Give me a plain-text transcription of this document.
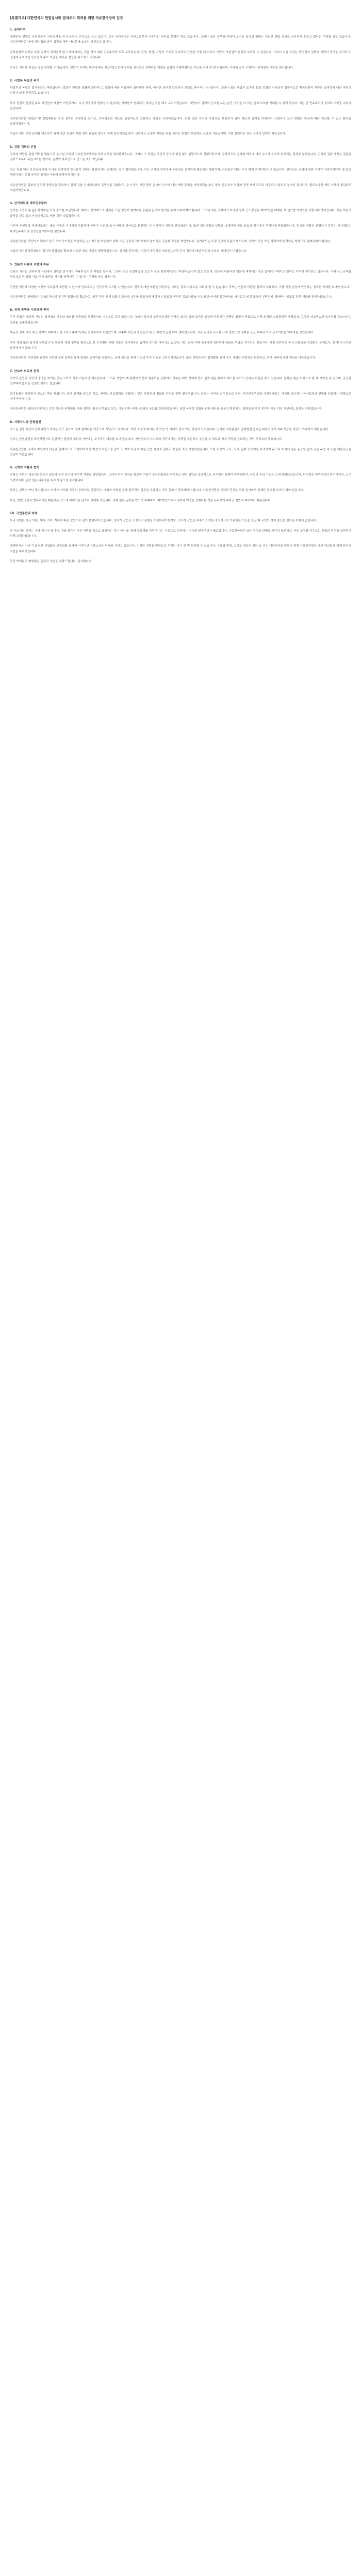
[특별기고] 대한민국의 헌법질서와 법치주의 회복을 위한 자유한국당의 입장
1. 들어가며

대한민국 헌법은 자유민주적 기본질서를 국가 운영의 근간으로 삼고 있으며, 모든 국가권력은 국민으로부터 나온다는 원칙을 분명히 하고 있습니다. 그러나 최근 정부와 여당이 보여준 일련의 행태는 이러한 헌법 정신을 근본부터 흔들고 있다는 우려를 낳고 있습니다. 자유한국당은 이에 대한 당의 공식 입장을 국민 여러분께 소상히 밝히고자 합니다.

권력분립의 원칙은 특정 권력이 견제받지 않고 비대해지는 것을 막기 위한 민주주의의 최후 보루입니다. 입법, 행정, 사법이 서로를 감시하고 균형을 이룰 때 비로소 국민의 기본권이 온전히 보장될 수 있습니다. 그러나 지금 우리는 행정권이 입법과 사법의 영역을 잠식하고, 정권에 우호적인 인사들로 주요 기관을 채우는 현상을 목도하고 있습니다.

우리는 이러한 현실을 결코 외면할 수 없습니다. 헌법이 부여한 책무에 따라 제1야당으로서 정부를 감시하고 견제하는 역할을 충실히 수행하겠다는 각오를 다시 한 번 다짐하며, 아래와 같이 구체적인 문제점과 대안을 제시합니다.

2. 사법부 독립의 위기

사법부의 독립은 법치주의의 핵심입니다. 법관은 헌법과 법률에 의하여 그 양심에 따라 독립하여 심판해야 하며, 어떠한 외부의 압력이나 간섭도 받아서는 안 됩니다. 그러나 최근 사법부 요직에 특정 성향의 인사들이 집중적으로 배치되면서 재판의 공정성에 대한 국민의 신뢰가 크게 흔들리고 있습니다.

특히 정권과 관련된 주요 사건들의 재판이 지연되거나, 수사 과정에서 편파성이 의심되는 사례들이 반복되고 있다는 점은 매우 우려스럽습니다. 사법부가 권력의 눈치를 보는 순간, 국민은 더 이상 법의 보호를 기대할 수 없게 됩니다. 이는 곧 민주주의의 붕괴로 이어질 수밖에 없습니다.

자유한국당은 대법관 및 헌법재판관 임명 절차의 투명성을 높이고, 인사청문회 제도를 실질적으로 강화하는 방안을 추진하겠습니다. 또한 법관 인사의 독립성을 보장하기 위한 제도적 장치를 마련하여 사법부가 오직 헌법과 양심에 따라 판단할 수 있는 환경을 조성하겠습니다.

아울러 재판 지연 문제를 해소하기 위해 법관 증원과 재판 절차 효율화 방안도 함께 검토하겠습니다. 신속하고 공정한 재판을 받을 권리는 헌법이 보장하는 국민의 기본권이며, 이를 실현하는 것은 국가의 당연한 책무입니다.

3. 검찰 개혁의 본질

정부와 여당은 검찰 개혁을 명분으로 수사권 조정과 고위공직자범죄수사처 설치를 밀어붙였습니다. 그러나 그 과정은 국민적 공감대 형성 없이 일방적으로 진행되었으며, 결과적으로 권력형 비리에 대한 수사가 오히려 위축되는 결과를 낳았습니다. 진정한 검찰 개혁은 검찰을 권력으로부터 독립시키는 것이지, 권력의 하수인으로 만드는 것이 아닙니다.

최근 정권 핵심 인사들에 대한 수사를 담당하던 검사들이 잇따라 좌천되거나 교체되는 일이 벌어졌습니다. 이는 수사의 연속성과 독립성을 심각하게 훼손하는 행위이며, 국민들은 이를 '수사 방해'로 받아들이고 있습니다. 살아있는 권력에 대한 수사가 가로막힌다면 법 앞의 평등이라는 헌법 원칙은 공허한 구호에 불과하게 됩니다.

자유한국당은 검찰의 정치적 중립성을 담보하기 위해 검찰 인사위원회의 독립성을 강화하고, 수사 중인 사건 담당 검사의 인사에 대한 제한 규정을 마련하겠습니다. 또한 공수처가 정권의 정적 제거 도구로 악용되지 않도록 철저히 감시하고, 필요하다면 제도 자체의 재검토도 추진하겠습니다.

4. 선거제도와 대의민주주의

선거는 국민이 주권을 행사하는 가장 중요한 수단입니다. 따라서 선거제도의 변경은 모든 정당이 참여하는 충분한 논의와 합의를 통해 이루어져야 합니다. 그러나 지난 국회에서 여당과 일부 군소정당은 제1야당을 배제한 채 선거법 개정안을 강행 처리하였습니다. 이는 게임의 규칙을 선수 일부가 일방적으로 바꾼 것과 다름없습니다.

이른바 준연동형 비례대표제는 제도 자체가 지나치게 복잡하여 국민이 자신의 표가 어떻게 의석으로 환산되는지 이해하기 어렵게 만들었습니다. 또한 위성정당의 난립을 초래하며 제도 도입의 취지마저 무색하게 만들었습니다. 민의를 정확히 반영하지 못하는 선거제도는 대의민주주의의 정당성을 약화시킬 뿐입니다.

자유한국당은 국민이 이해하기 쉽고 표의 등가성을 보장하는 선거제도를 마련하기 위해 모든 정당과 시민사회가 참여하는 공론화 과정을 제안합니다. 선거제도는 특정 정당의 유불리가 아니라 국민의 뜻을 가장 정확하게 반영하는 방향으로 설계되어야 합니다.

아울러 선거관리위원회의 정치적 중립성을 확보하기 위한 제도 개선도 병행하겠습니다. 선거를 관리하는 기관이 공정성을 의심받는다면 선거 결과에 대한 국민의 승복도 기대하기 어렵습니다.

5. 언론의 자유와 표현의 자유

언론의 자유는 민주주의 사회에서 권력을 감시하는 '제4부'로서의 역할을 합니다. 그러나 최근 공영방송의 보도가 정권 편향적이라는 비판이 끊이지 않고 있으며, 정부에 비판적인 언론에 대해서는 각종 압박이 가해지고 있다는 지적이 제기되고 있습니다. 가짜뉴스 규제를 명분으로 한 입법 시도 역시 표현의 자유를 위축시킬 수 있다는 우려를 낳고 있습니다.

건전한 비판과 다양한 의견이 자유롭게 개진될 수 있어야 민주주의는 건강하게 유지될 수 있습니다. 권력에 대한 비판을 억압하는 사회는 결코 자유로운 사회라 할 수 없습니다. 정부는 언론의 비판을 겸허히 수용하고, 이를 국정 운영에 반영하는 성숙한 자세를 보여야 합니다.

자유한국당은 공영방송 이사회 구성의 정치적 중립성을 확보하고, 언론 관련 규제 입법이 표현의 자유를 과도하게 제한하지 않도록 엄격히 검토하겠습니다. 또한 인터넷 공간에서의 자유로운 의견 표명이 부당하게 제약받지 않도록 관련 제도를 정비하겠습니다.

6. 경제 정책과 시장경제 원칙

우리 헌법은 개인과 기업의 경제상의 자유와 창의를 존중함을 경제질서의 기본으로 하고 있습니다. 그러나 정부의 소득주도성장 정책은 최저임금의 급격한 인상과 근로시간 단축의 일률적 적용으로 인해 오히려 소상공인과 자영업자, 그리고 저소득층의 일자리를 감소시키는 결과를 초래하였습니다.

부동산 정책 역시 수십 차례의 대책에도 불구하고 주택 가격은 천정부지로 치솟았으며, 무주택 서민과 청년들의 내 집 마련의 꿈은 더욱 멀어졌습니다. 시장 원리를 무시한 규제 일변도의 정책은 공급 부족과 가격 상승이라는 역효과를 낳았습니다.

국가 재정 또한 심각한 상황입니다. 확장적 재정 정책을 명분으로 한 무분별한 재정 지출은 국가채무의 급격한 증가로 이어지고 있으며, 이는 결국 미래 세대에게 감당하기 어려운 부담을 전가하는 것입니다. 재정 건전성은 국가 신용도와 직결되는 문제로서, 한 번 무너지면 회복하기 어렵습니다.

자유한국당은 시장경제 원칙에 기반한 성장 정책을 통해 양질의 일자리를 창출하고, 규제 혁신을 통해 기업의 투자 의욕을 고취시키겠습니다. 또한 재정준칙의 법제화를 통해 국가 재정의 건전성을 확보하고, 미래 세대에 대한 책임을 다하겠습니다.

7. 안보와 외교의 원칙

국가의 존립과 국민의 생명을 지키는 것은 국가의 가장 기본적인 책무입니다. 그러나 북한의 핵 위협이 여전히 현존하는 상황에서 정부는 대북 정책에 있어 원칙 없는 유화적 태도를 보이고 있다는 비판을 받고 있습니다. 평화는 힘을 바탕으로 할 때 지켜질 수 있으며, 굳건한 안보태세 없이는 진정한 평화도 없습니다.

한미동맹은 대한민국 안보의 핵심 축입니다. 동맹 관계를 공고히 하고, 한미일 안보협력을 강화하는 것은 한반도의 평화와 안정을 위해 필수적입니다. 외교는 국익을 최우선으로 하되, 자유민주주의와 시장경제라는 가치를 공유하는 국가들과의 연대를 강화하는 방향으로 나아가야 합니다.

자유한국당은 북한의 완전하고 검증 가능한 비핵화를 대북 정책의 최우선 목표로 삼고, 이를 위한 국제사회와의 공조를 강화하겠습니다. 또한 국방력 강화를 위한 예산을 충분히 확보하고, 장병들의 사기 진작과 복무 여건 개선에도 최선을 다하겠습니다.

8. 지방자치와 균형발전

수도권 집중 현상이 심화되면서 지방은 인구 감소와 경제 침체라는 이중고에 시달리고 있습니다. 지방 소멸의 위기는 더 이상 먼 미래의 일이 아닌 현실이 되었습니다. 진정한 지방분권과 균형발전 없이는 대한민국의 지속 가능한 성장도 기대하기 어렵습니다.

정부는 균형발전을 표방하면서도 실질적인 권한과 재원의 이양에는 소극적인 태도를 보여 왔습니다. 지방정부가 스스로의 여건에 맞는 정책을 수립하고 추진할 수 있도록 자치 역량을 강화하는 것이 무엇보다 중요합니다.

자유한국당은 국세와 지방세의 비율을 단계적으로 조정하여 지방 재정의 자립도를 높이고, 지역 특성에 맞는 산업 육성과 일자리 창출을 적극 지원하겠습니다. 또한 지방의 교육, 의료, 문화 인프라를 확충하여 누구나 어디에 살든 동등한 삶의 질을 누릴 수 있는 대한민국을 만들어 가겠습니다.

9. 국회의 역할과 협치

국회는 국민의 대표기관으로서 입법과 국정 감시의 중추적 역할을 담당합니다. 그러나 다수 의석을 확보한 여당이 상임위원장을 독식하고 쟁점 법안을 일방적으로 처리하는 관행이 반복되면서, 국회의 숙의 기능은 크게 약화되었습니다. 다수결은 민주주의의 원리이지만, 소수 의견에 대한 존중 없는 다수결은 다수의 횡포에 불과합니다.

협치는 선택이 아닌 필수입니다. 여야가 서로를 국정의 동반자로 인정하고, 대화와 타협을 통해 합리적인 결론을 도출하는 정치 문화가 정착되어야 합니다. 자유한국당은 국익과 민생을 위한 일이라면 언제든 협력할 준비가 되어 있습니다.

다만, 헌법 정신과 법치주의를 훼손하는 시도에 대해서는 단호히 반대할 것입니다. 견제 없는 권력은 반드시 부패하며, 제1야당으로서 정부와 여당을 견제하는 것은 우리에게 주어진 헌법적 책무이기 때문입니다.

10. 국민통합과 미래

우리 사회는 지금 이념, 세대, 지역, 계층에 따른 갈등으로 깊이 분열되어 있습니다. 정치가 갈등을 조정하고 통합을 이끌어내기는커녕, 오히려 갈등을 부추기고 이를 정치적으로 이용하는 모습을 보일 때 국민의 정치 불신은 깊어질 수밖에 없습니다.

편 가르기의 정치는 이제 끝나야 합니다. 나와 생각이 다른 사람을 적으로 규정하는 것이 아니라, 함께 공동체를 이루어 가는 이웃으로 인정하는 성숙한 민주주의가 필요합니다. 자유한국당은 낡은 정치의 관행을 과감히 혁신하고, 국민 모두를 아우르는 통합의 정치를 실현하기 위해 노력하겠습니다.

대한민국은 지난 수십 년간 산업화와 민주화를 동시에 이루어낸 자랑스러운 역사를 가지고 있습니다. 이러한 저력을 바탕으로 우리는 다시 한 번 도약할 수 있습니다. 자유와 번영, 그리고 정의가 살아 숨 쉬는 대한민국을 만들기 위해 자유한국당은 국민 여러분과 함께 끝까지 최선을 다하겠습니다.

국민 여러분의 변함없는 관심과 성원을 부탁드립니다. 감사합니다.
